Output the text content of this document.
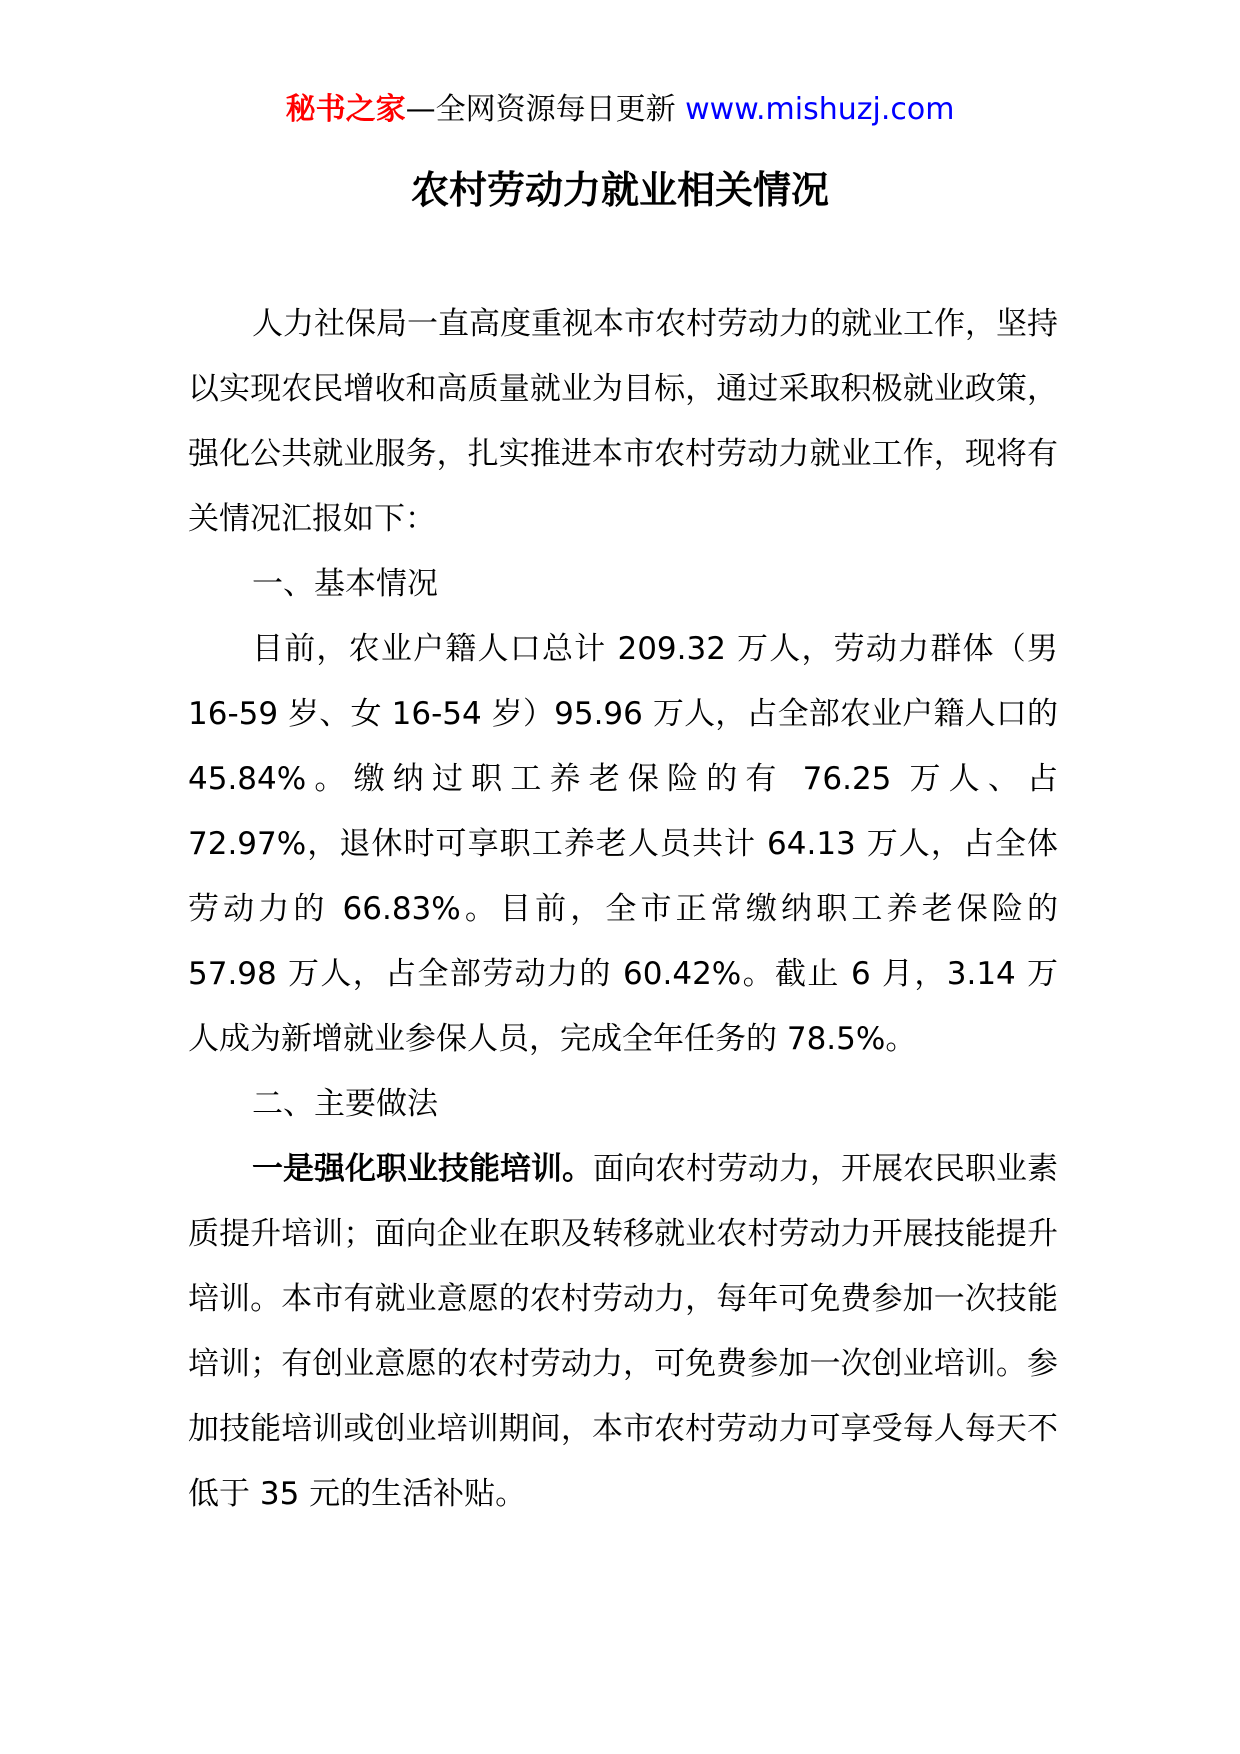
秘书之家—全网资源每日更新 www.mishuzj.com
农村劳动力就业相关情况

人力社保局一直高度重视本市农村劳动力的就业工作，坚持以实现农民增收和高质量就业为目标，通过采取积极就业政策，强化公共就业服务，扎实推进本市农村劳动力就业工作，现将有关情况汇报如下：

一、基本情况

目前，农业户籍人口总计 209.32 万人，劳动力群体（男 16-59 岁、女 16-54 岁）95.96 万人，占全部农业户籍人口的 45.84%。缴纳过职工养老保险的有 76.25 万人、占 72.97%，退休时可享职工养老人员共计 64.13 万人，占全体劳动力的 66.83%。目前，全市正常缴纳职工养老保险的 57.98 万人，占全部劳动力的 60.42%。截止 6 月，3.14 万人成为新增就业参保人员，完成全年任务的 78.5%。

二、主要做法

一是强化职业技能培训。面向农村劳动力，开展农民职业素质提升培训；面向企业在职及转移就业农村劳动力开展技能提升培训。本市有就业意愿的农村劳动力，每年可免费参加一次技能培训；有创业意愿的农村劳动力，可免费参加一次创业培训。参加技能培训或创业培训期间，本市农村劳动力可享受每人每天不低于 35 元的生活补贴。
